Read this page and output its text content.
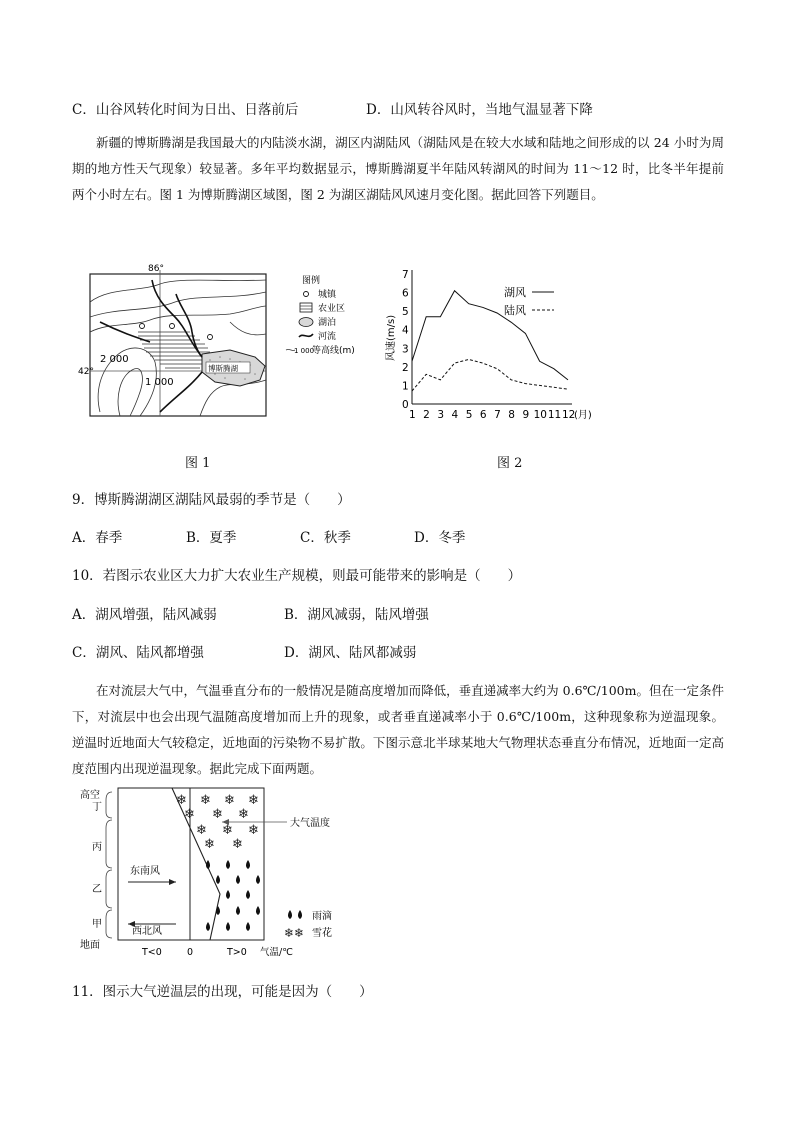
C．山谷风转化时间为日出、日落前后	D．山风转谷风时，当地气温显著下降
新疆的博斯腾湖是我国最大的内陆淡水湖，湖区内湖陆风（湖陆风是在较大水域和陆地之间形成的以 24 小时为周期的地方性天气现象）较显著。多年平均数据显示，博斯腾湖夏半年陆风转湖风的时间为 11～12 时，比冬半年提前两个小时左右。图 1 为博斯腾湖区域图，图 2 为湖区湖陆风风速月变化图。据此回答下列题目。
86°
42°
2 000
1 000
博斯腾湖
图例
城镇
农业区
湖泊
河流
1 000
等高线(m)
图 1
0
1
2
3
4
5
6
7
1 2 3 4 5 6 7 8 9 10 11 12
风速(m/s)
(月)
湖风
陆风
图 2
9．博斯腾湖湖区湖陆风最弱的季节是（　　）
A．春季	B．夏季	C．秋季	D．冬季
10．若图示农业区大力扩大农业生产规模，则最可能带来的影响是（　　）
A．湖风增强，陆风减弱	B．湖风减弱，陆风增强
C．湖风、陆风都增强	D．湖风、陆风都减弱
在对流层大气中，气温垂直分布的一般情况是随高度增加而降低，垂直递减率大约为 0.6℃/100m。但在一定条件下，对流层中也会出现气温随高度增加而上升的现象，或者垂直递减率小于 0.6℃/100m，这种现象称为逆温现象。逆温时近地面大气较稳定，近地面的污染物不易扩散。下图示意北半球某地大气物理状态垂直分布情况，近地面一定高度范围内出现逆温现象。据此完成下面两题。
高空
地面
丁
丙
乙
甲
大气温度
东南风
西北风
❄ ❄ ❄ ❄
❄ ❄ ❄
❄ ❄ ❄
❄ ❄
T<0	0	T>0 气温/℃
雨滴
❄❄ 雪花
11．图示大气逆温层的出现，可能是因为（　　）
